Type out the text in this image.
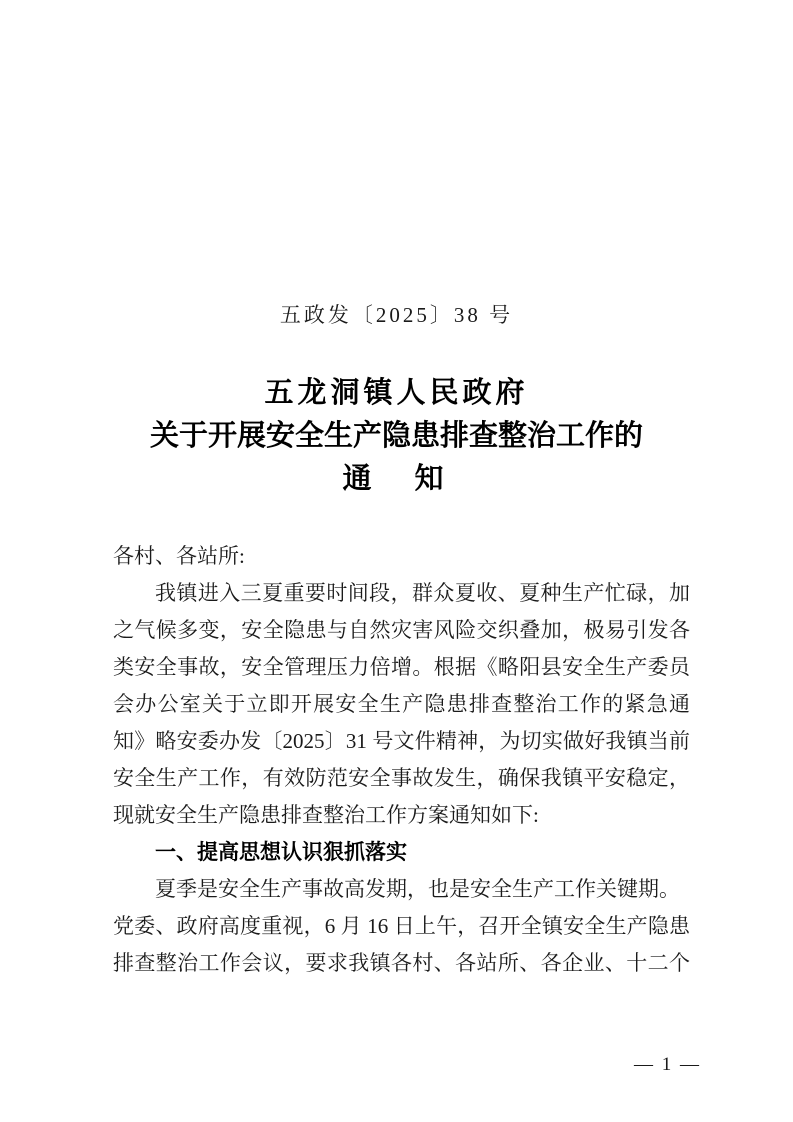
五政发〔2025〕38 号
五龙洞镇人民政府
关于开展安全生产隐患排查整治工作的
通　知
各村、各站所:
我镇进入三夏重要时间段，群众夏收、夏种生产忙碌，加
之气候多变，安全隐患与自然灾害风险交织叠加，极易引发各
类安全事故，安全管理压力倍增。根据《略阳县安全生产委员
会办公室关于立即开展安全生产隐患排查整治工作的紧急通
知》略安委办发〔2025〕31 号文件精神，为切实做好我镇当前
安全生产工作，有效防范安全事故发生，确保我镇平安稳定，
现就安全生产隐患排查整治工作方案通知如下:
一、提高思想认识狠抓落实
夏季是安全生产事故高发期，也是安全生产工作关键期。
党委、政府高度重视，6 月 16 日上午，召开全镇安全生产隐患
排查整治工作会议，要求我镇各村、各站所、各企业、十二个
— 1 —
